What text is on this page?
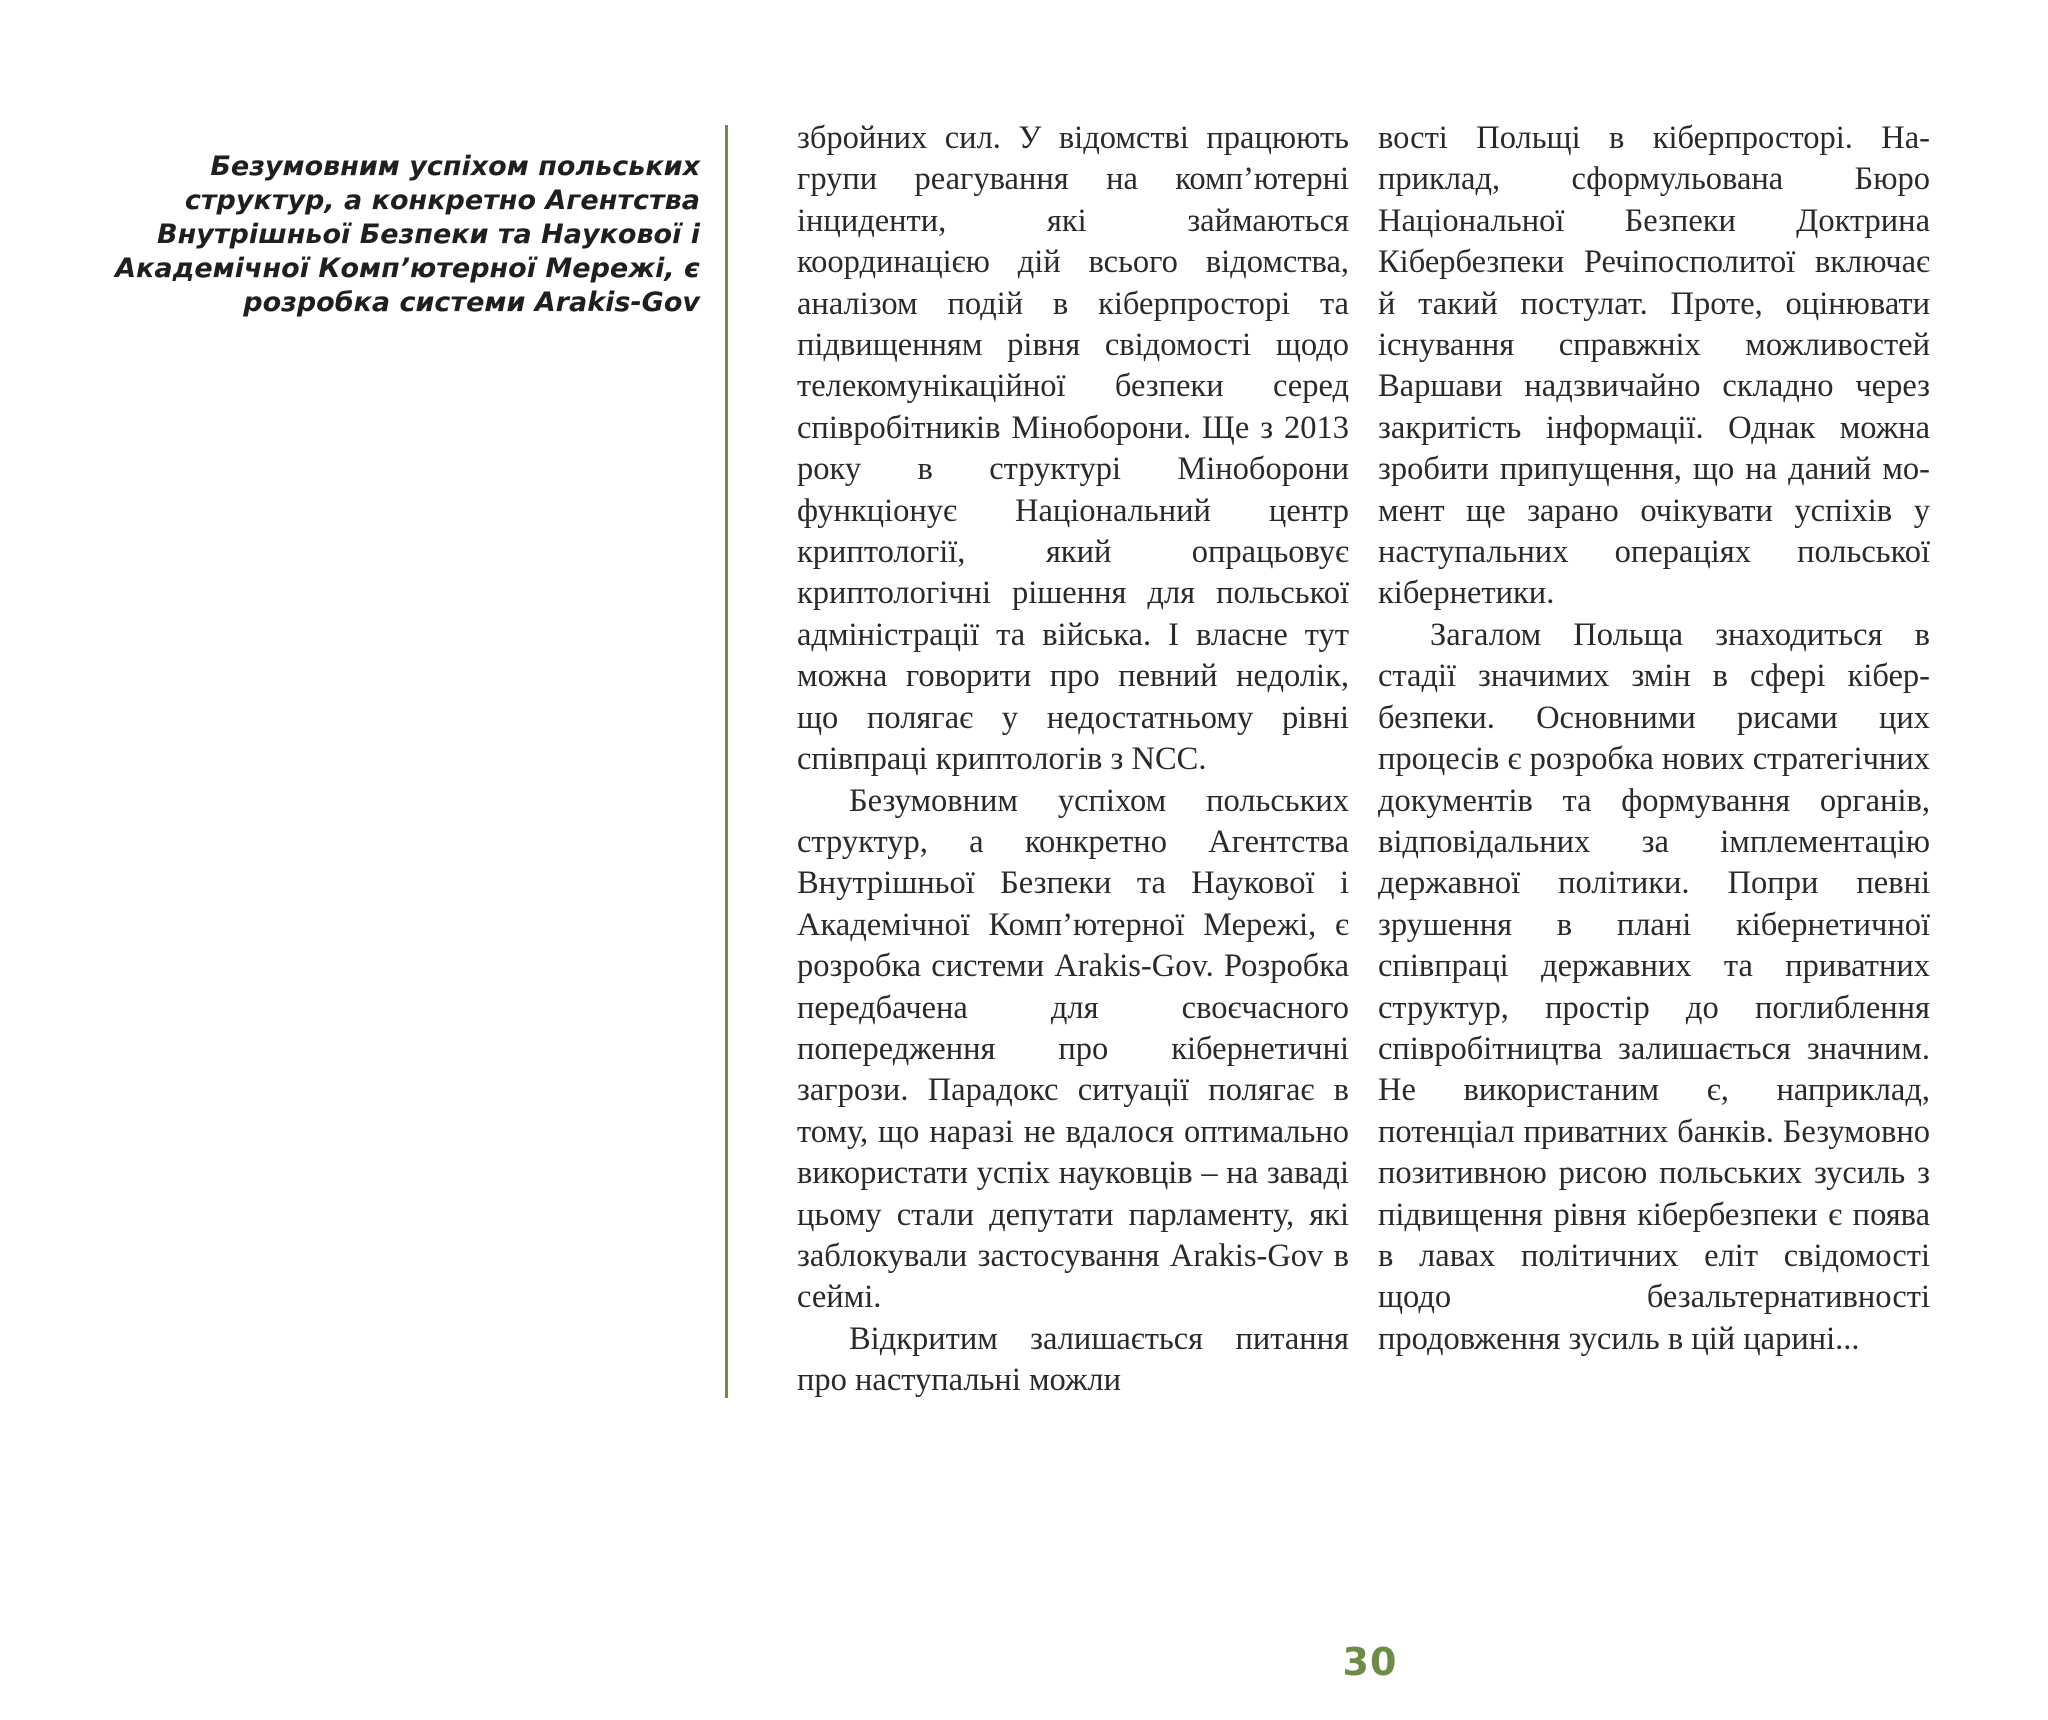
Безумовним успіхом польських структур, а конкретно Агентства Внутрішньої Безпеки та Наукової і Академічної Комп’ютерної Мережі, є розробка системи Arakis-Gov

збройних сил. У відомстві працюють групи реагування на комп’ютерні інциденти, які займаються координацією дій всього відомства, аналізом подій в кіберпросторі та підвищенням рівня свідомості щодо телекомунікаційної безпеки серед співробітників Міноборони. Ще з 2013 року в структурі Міноборони функціонує Національний центр криптології, який опрацьовує криптологічні рішення для польської адміністрації та війська. І власне тут можна говорити про певний недолік, що полягає у недостатньому рівні співпраці криптологів з NCC.

Безумовним успіхом польських структур, а конкретно Агентства Внутрішньої Безпеки та Наукової і Академічної Комп’ютерної Мережі, є розробка системи Arakis-Gov. Розробка передбачена для своєчасного попередження про кібернетичні загрози. Парадокс ситуації полягає в тому, що наразі не вдалося оптимально використати успіх науковців – на заваді цьому стали депутати парламенту, які заблокували застосування Arakis-Gov в сеймі.

Відкритим залишається питання про наступальні можли

вості Польщі в кіберпросторі. Наприклад, сформульована Бюро Національної Безпеки Доктрина Кібербезпеки Речіпосполитої включає й такий постулат. Проте, оцінювати існування справжніх можливостей Варшави надзвичайно складно через закритість інформації. Однак можна зробити припущення, що на даний момент ще зарано очікувати успіхів у наступальних операціях польської кібернетики.

Загалом Польща знаходиться в стадії значимих змін в сфері кібербезпеки. Основними рисами цих процесів є розробка нових стратегічних документів та формування органів, відповідальних за імплементацію державної політики. Попри певні зрушення в плані кібернетичної співпраці державних та приватних структур, простір до поглиблення співробітництва залишається значним. Не використаним є, наприклад, потенціал приватних банків. Безумовно позитивною рисою польських зусиль з підвищення рівня кібербезпеки є поява в лавах політичних еліт свідомості щодо безальтернативності продовження зусиль в цій царині...

30
